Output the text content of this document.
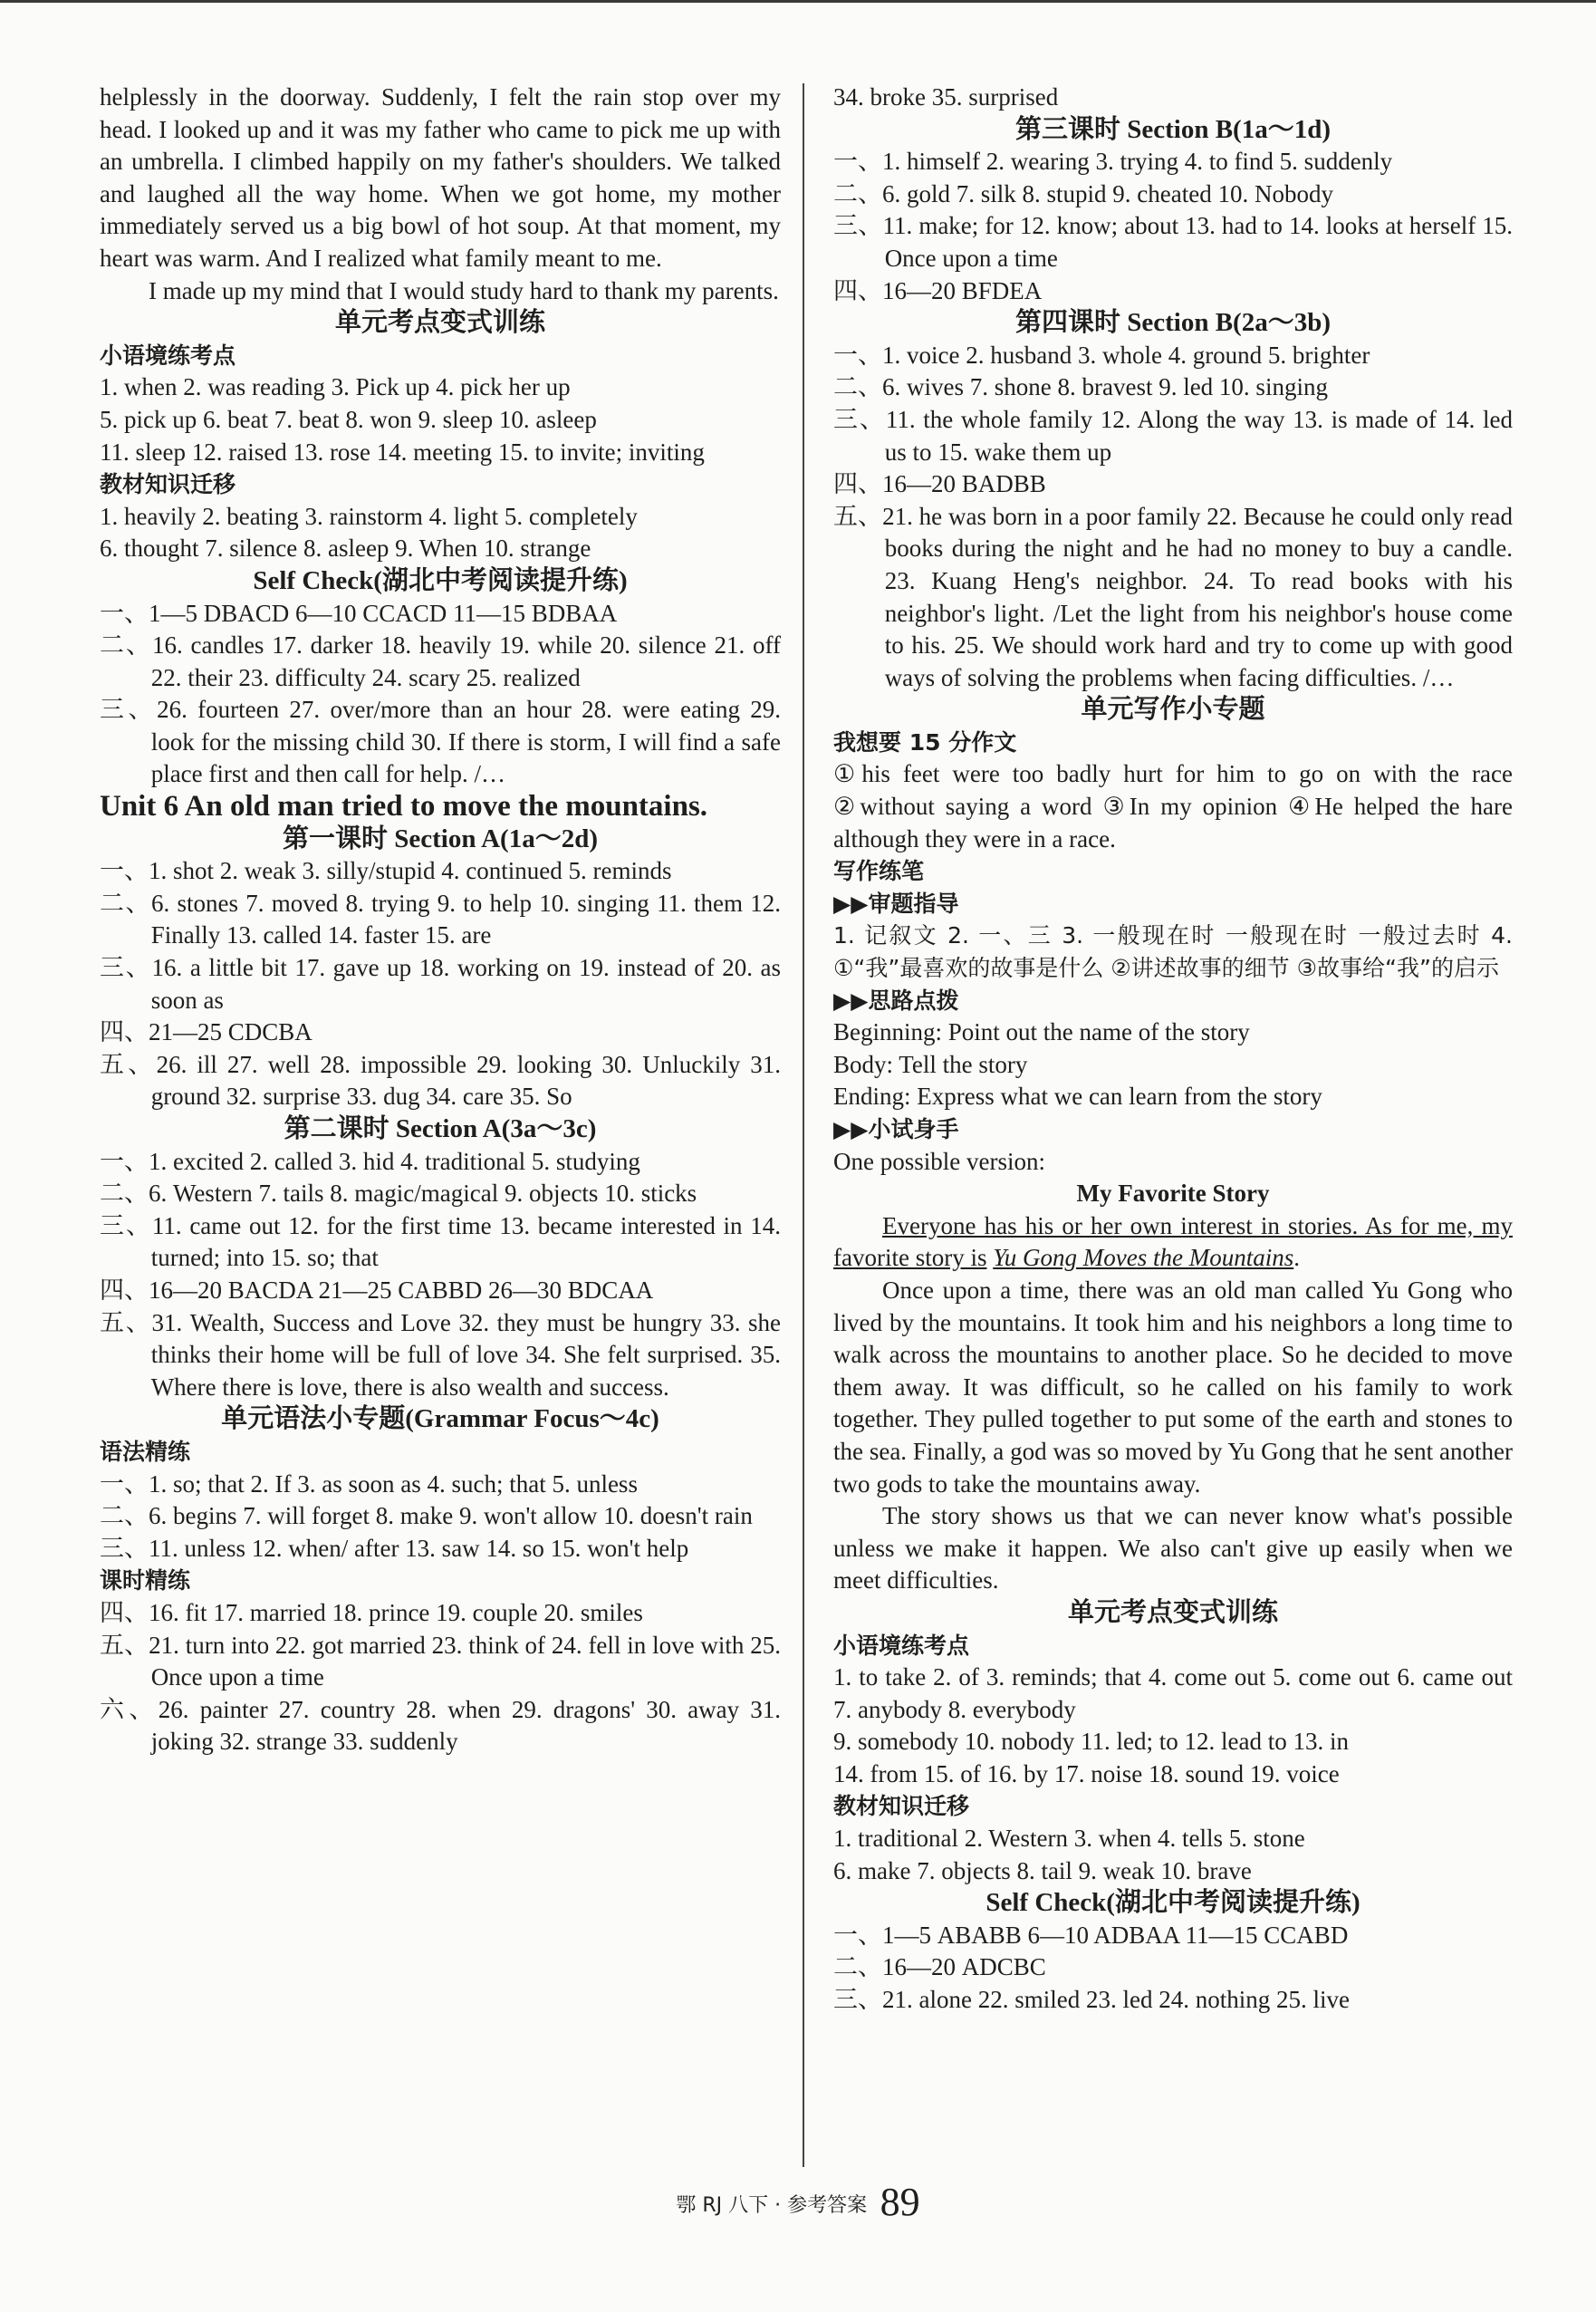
helplessly in the doorway. Suddenly, I felt the rain stop over my head. I looked up and it was my father who came to pick me up with an umbrella. I climbed happily on my father's shoulders. We talked and laughed all the way home. When we got home, my mother immediately served us a big bowl of hot soup. At that moment, my heart was warm. And I realized what family meant to me.

I made up my mind that I would study hard to thank my parents.

单元考点变式训练

小语境练考点

1. when 2. was reading 3. Pick up 4. pick her up

5. pick up 6. beat 7. beat 8. won 9. sleep 10. asleep

11. sleep 12. raised 13. rose 14. meeting 15. to invite; inviting

教材知识迁移

1. heavily 2. beating 3. rainstorm 4. light 5. completely

6. thought 7. silence 8. asleep 9. When 10. strange

Self Check(湖北中考阅读提升练)

一、1—5 DBACD 6—10 CCACD 11—15 BDBAA

二、16. candles 17. darker 18. heavily 19. while 20. silence 21. off 22. their 23. difficulty 24. scary 25. realized

三、26. fourteen 27. over/more than an hour 28. were eating 29. look for the missing child 30. If there is storm, I will find a safe place first and then call for help. /…

Unit 6 An old man tried to move the mountains.

第一课时 Section A(1a～2d)

一、1. shot 2. weak 3. silly/stupid 4. continued 5. reminds

二、6. stones 7. moved 8. trying 9. to help 10. singing 11. them 12. Finally 13. called 14. faster 15. are

三、16. a little bit 17. gave up 18. working on 19. instead of 20. as soon as

四、21—25 CDCBA

五、26. ill 27. well 28. impossible 29. looking 30. Unluckily 31. ground 32. surprise 33. dug 34. care 35. So

第二课时 Section A(3a～3c)

一、1. excited 2. called 3. hid 4. traditional 5. studying

二、6. Western 7. tails 8. magic/magical 9. objects 10. sticks

三、11. came out 12. for the first time 13. became interested in 14. turned; into 15. so; that

四、16—20 BACDA 21—25 CABBD 26—30 BDCAA

五、31. Wealth, Success and Love 32. they must be hungry 33. she thinks their home will be full of love 34. She felt surprised. 35. Where there is love, there is also wealth and success.

单元语法小专题(Grammar Focus～4c)

语法精练

一、1. so; that 2. If 3. as soon as 4. such; that 5. unless

二、6. begins 7. will forget 8. make 9. won't allow 10. doesn't rain

三、11. unless 12. when/ after 13. saw 14. so 15. won't help

课时精练

四、16. fit 17. married 18. prince 19. couple 20. smiles

五、21. turn into 22. got married 23. think of 24. fell in love with 25. Once upon a time

六、26. painter 27. country 28. when 29. dragons' 30. away 31. joking 32. strange 33. suddenly

34. broke 35. surprised

第三课时 Section B(1a～1d)

一、1. himself 2. wearing 3. trying 4. to find 5. suddenly

二、6. gold 7. silk 8. stupid 9. cheated 10. Nobody

三、11. make; for 12. know; about 13. had to 14. looks at herself 15. Once upon a time

四、16—20 BFDEA

第四课时 Section B(2a～3b)

一、1. voice 2. husband 3. whole 4. ground 5. brighter

二、6. wives 7. shone 8. bravest 9. led 10. singing

三、11. the whole family 12. Along the way 13. is made of 14. led us to 15. wake them up

四、16—20 BADBB

五、21. he was born in a poor family 22. Because he could only read books during the night and he had no money to buy a candle. 23. Kuang Heng's neighbor. 24. To read books with his neighbor's light. /Let the light from his neighbor's house come to his. 25. We should work hard and try to come up with good ways of solving the problems when facing difficulties. /…

单元写作小专题

我想要 15 分作文

①his feet were too badly hurt for him to go on with the race ②without saying a word ③In my opinion ④He helped the hare although they were in a race.

写作练笔

▶▶审题指导

1. 记叙文 2. 一、三 3. 一般现在时 一般现在时 一般过去时 4. ①“我”最喜欢的故事是什么 ②讲述故事的细节 ③故事给“我”的启示

▶▶思路点拨

Beginning: Point out the name of the story

Body: Tell the story

Ending: Express what we can learn from the story

▶▶小试身手

One possible version:

My Favorite Story

Everyone has his or her own interest in stories. As for me, my favorite story is Yu Gong Moves the Mountains.

Once upon a time, there was an old man called Yu Gong who lived by the mountains. It took him and his neighbors a long time to walk across the mountains to another place. So he decided to move them away. It was difficult, so he called on his family to work together. They pulled together to put some of the earth and stones to the sea. Finally, a god was so moved by Yu Gong that he sent another two gods to take the mountains away.

The story shows us that we can never know what's possible unless we make it happen. We also can't give up easily when we meet difficulties.

单元考点变式训练

小语境练考点

1. to take 2. of 3. reminds; that 4. come out 5. come out 6. came out 7. anybody 8. everybody

9. somebody 10. nobody 11. led; to 12. lead to 13. in

14. from 15. of 16. by 17. noise 18. sound 19. voice

教材知识迁移

1. traditional 2. Western 3. when 4. tells 5. stone

6. make 7. objects 8. tail 9. weak 10. brave

Self Check(湖北中考阅读提升练)

一、1—5 ABABB 6—10 ADBAA 11—15 CCABD

二、16—20 ADCBC

三、21. alone 22. smiled 23. led 24. nothing 25. live

鄂 RJ 八下 · 参考答案 89
